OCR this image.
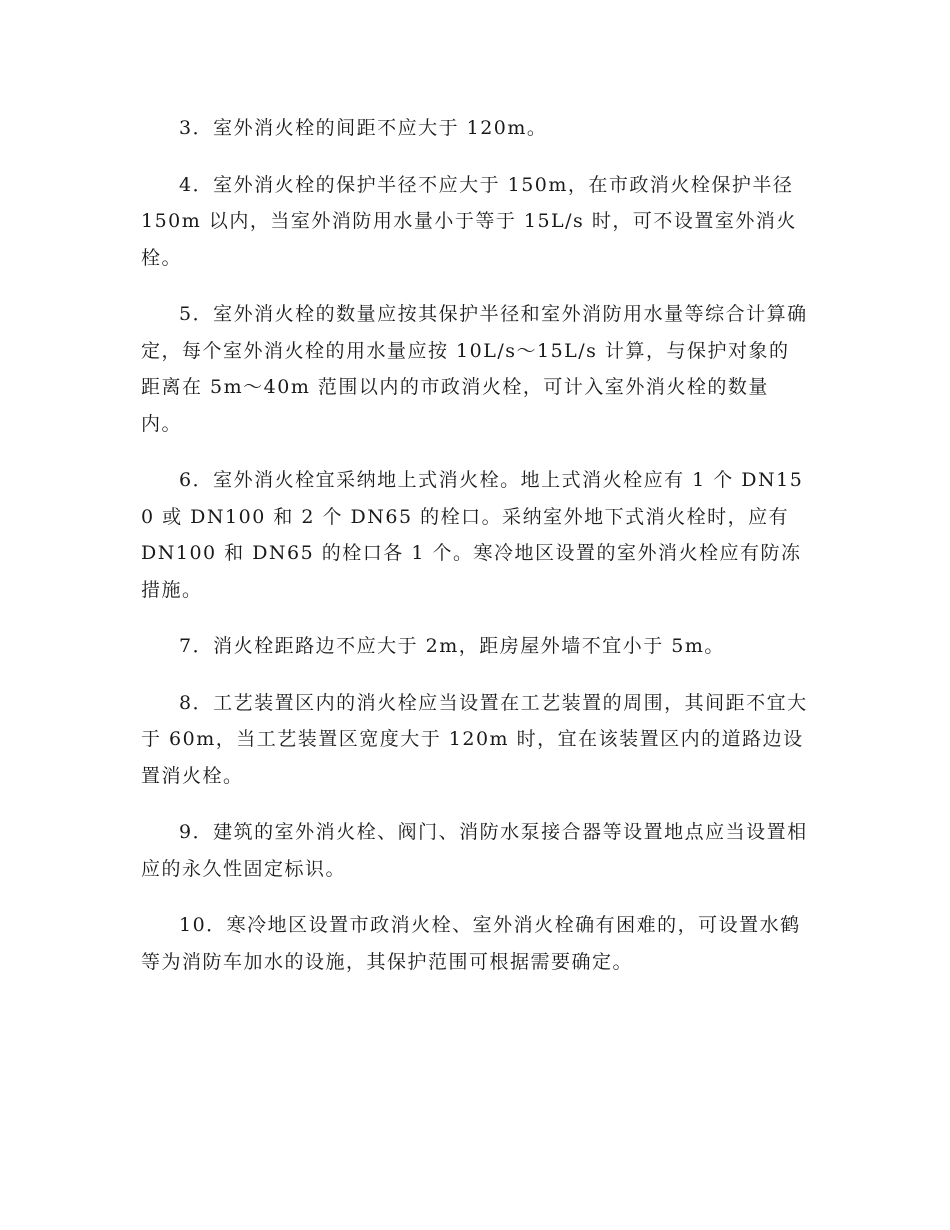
3．室外消火栓的间距不应大于 120m。

4．室外消火栓的保护半径不应大于 150m，在市政消火栓保护半径 150m 以内，当室外消防用水量小于等于 15L/s 时，可不设置室外消火栓。

5．室外消火栓的数量应按其保护半径和室外消防用水量等综合计算确定，每个室外消火栓的用水量应按 10L/s～15L/s 计算，与保护对象的距离在 5m～40m 范围以内的市政消火栓，可计入室外消火栓的数量内。

6．室外消火栓宜采纳地上式消火栓。地上式消火栓应有 1 个 DN150 或 DN100 和 2 个 DN65 的栓口。采纳室外地下式消火栓时，应有 DN100 和 DN65 的栓口各 1 个。寒冷地区设置的室外消火栓应有防冻措施。

7．消火栓距路边不应大于 2m，距房屋外墙不宜小于 5m。

8．工艺装置区内的消火栓应当设置在工艺装置的周围，其间距不宜大于 60m，当工艺装置区宽度大于 120m 时，宜在该装置区内的道路边设置消火栓。

9．建筑的室外消火栓、阀门、消防水泵接合器等设置地点应当设置相应的永久性固定标识。

10．寒冷地区设置市政消火栓、室外消火栓确有困难的，可设置水鹤等为消防车加水的设施，其保护范围可根据需要确定。
